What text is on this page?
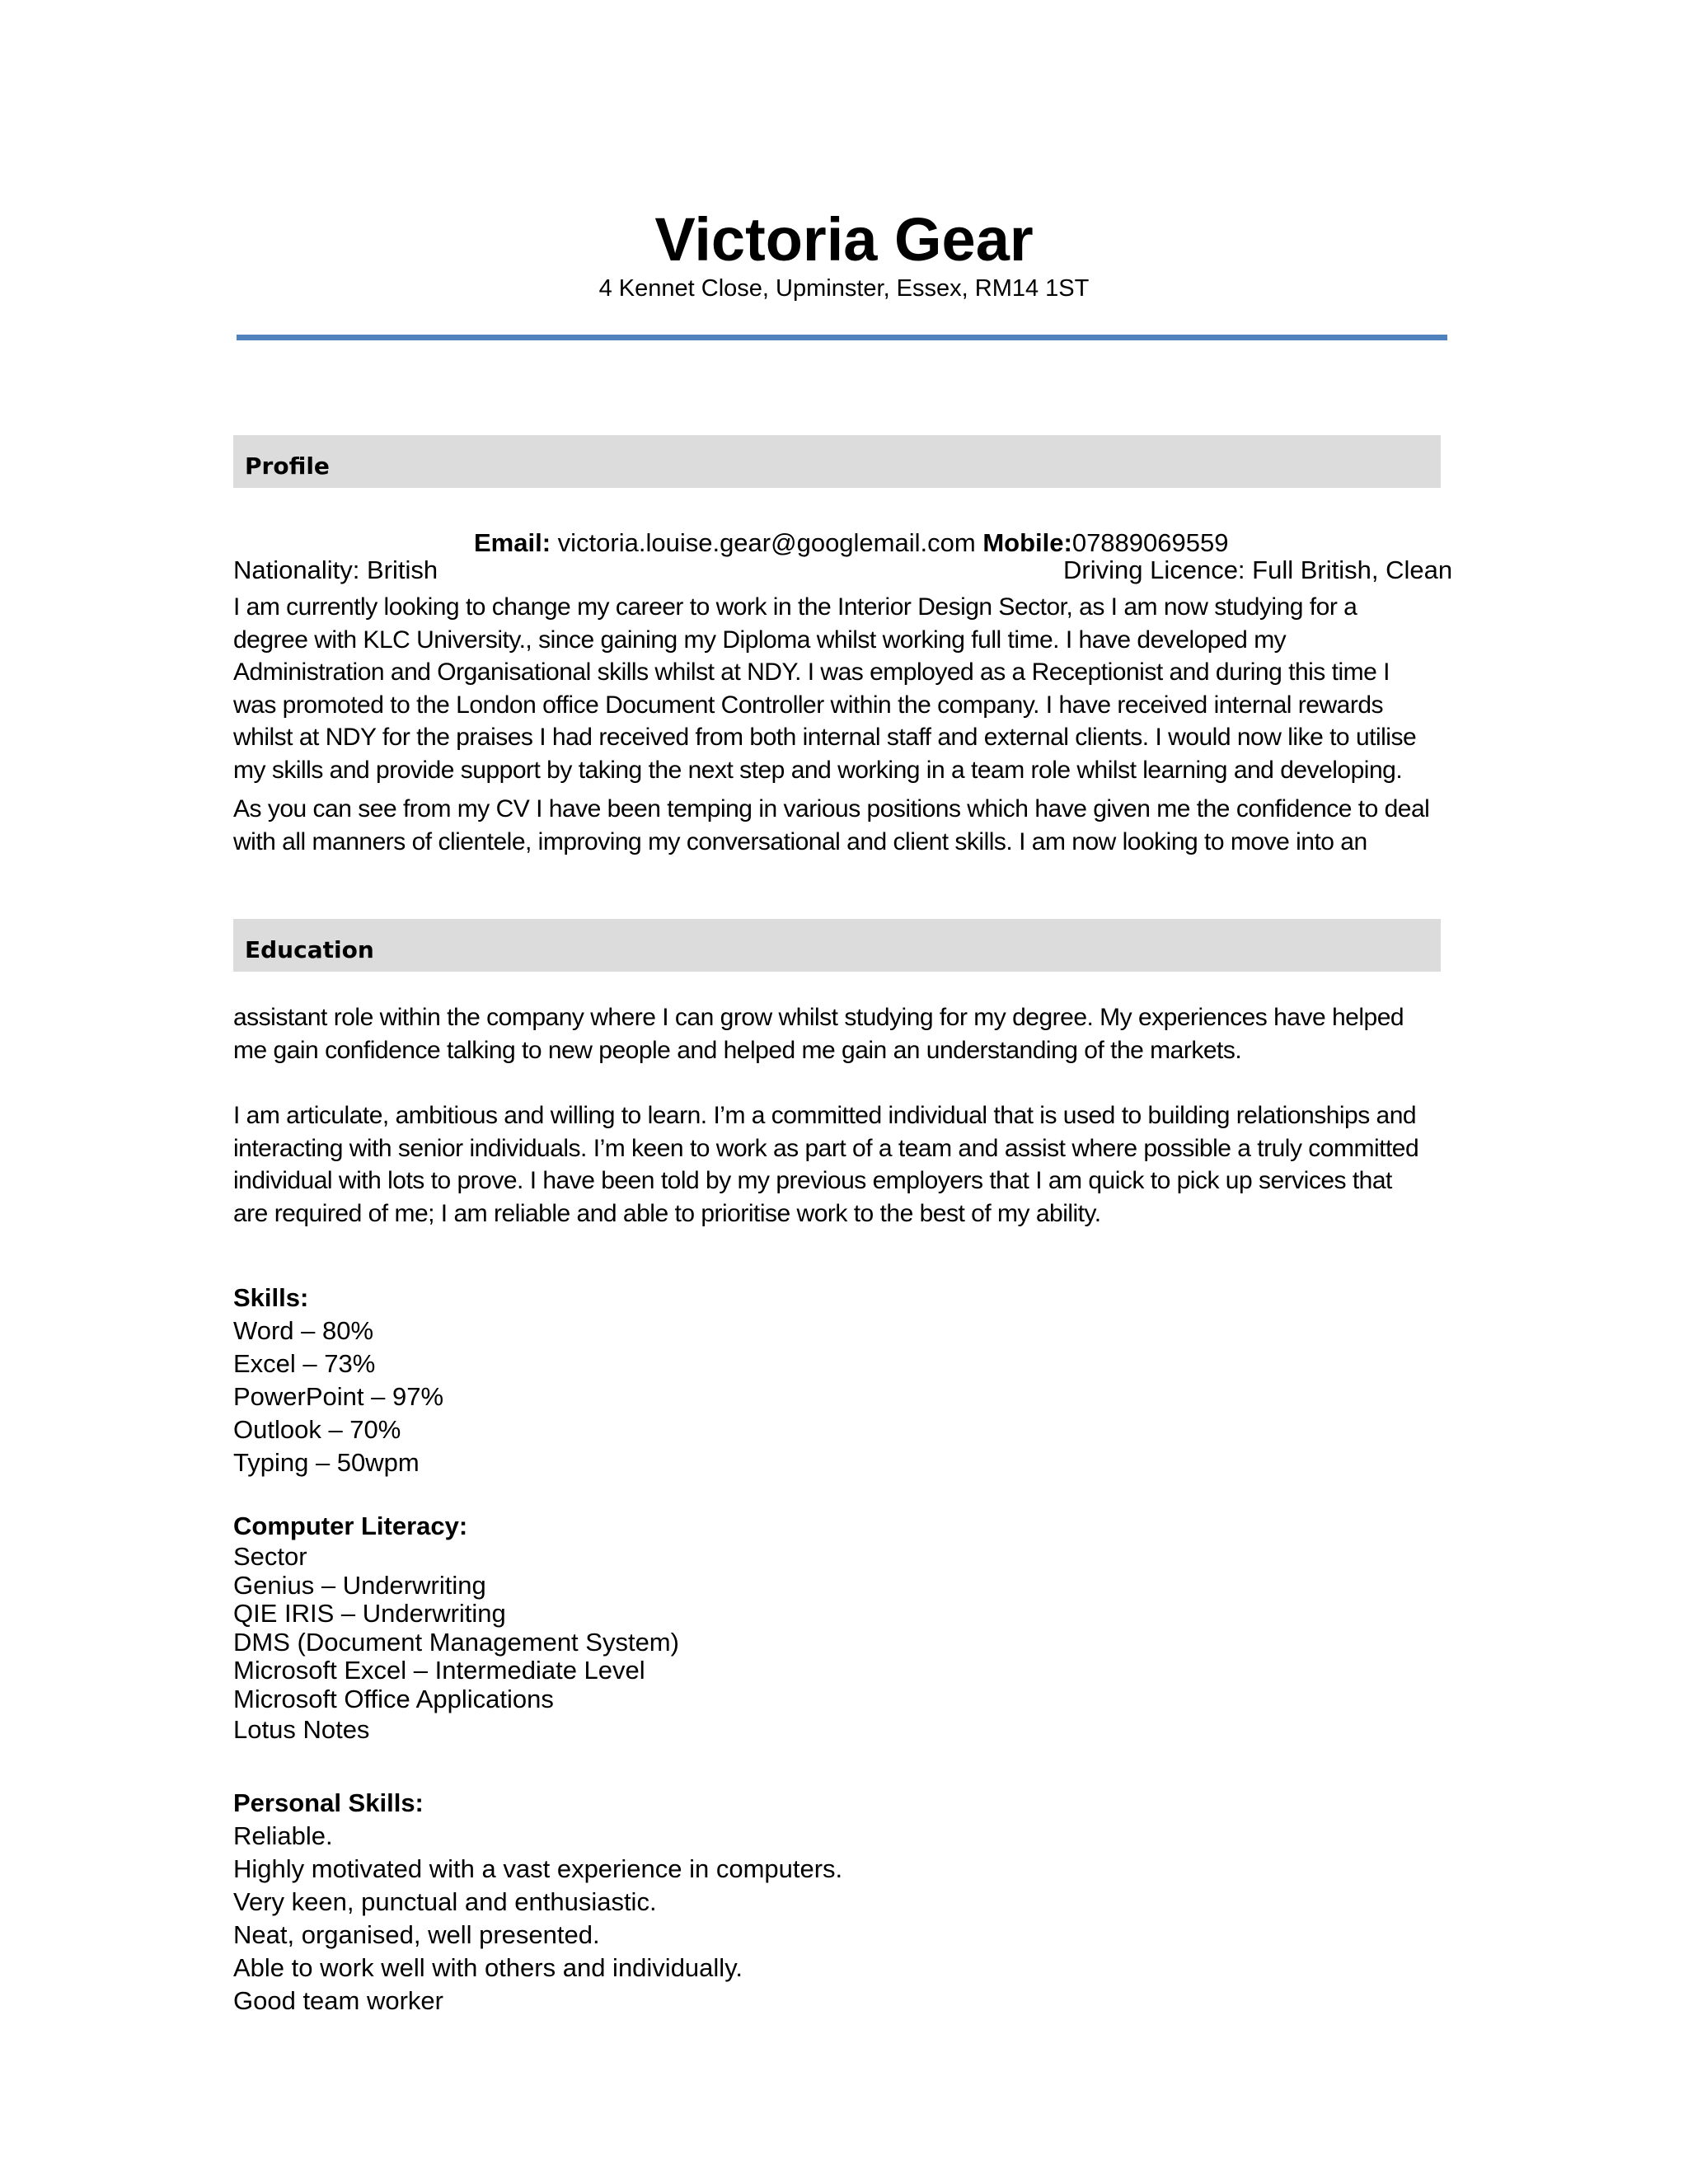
Victoria Gear
4 Kennet Close, Upminster, Essex, RM14 1ST
Profile
Email: victoria.louise.gear@googlemail.com Mobile:07889069559
Nationality: British	Driving Licence: Full British, Clean
I am currently looking to change my career to work in the Interior Design Sector, as I am now studying for a
degree with KLC University., since gaining my Diploma whilst working full time. I have developed my
Administration and Organisational skills whilst at NDY. I was employed as a Receptionist and during this time I
was promoted to the London office Document Controller within the company. I have received internal rewards
whilst at NDY for the praises I had received from both internal staff and external clients. I would now like to utilise
my skills and provide support by taking the next step and working in a team role whilst learning and developing.
As you can see from my CV I have been temping in various positions which have given me the confidence to deal
with all manners of clientele, improving my conversational and client skills. I am now looking to move into an
Education
assistant role within the company where I can grow whilst studying for my degree. My experiences have helped
me gain confidence talking to new people and helped me gain an understanding of the markets.
I am articulate, ambitious and willing to learn. I’m a committed individual that is used to building relationships and
interacting with senior individuals. I’m keen to work as part of a team and assist where possible a truly committed
individual with lots to prove. I have been told by my previous employers that I am quick to pick up services that
are required of me; I am reliable and able to prioritise work to the best of my ability.
Skills:
Word – 80%
Excel – 73%
PowerPoint – 97%
Outlook – 70%
Typing – 50wpm
Computer Literacy:
Sector
Genius – Underwriting
QIE IRIS – Underwriting
DMS (Document Management System)
Microsoft Excel – Intermediate Level
Microsoft Office Applications
Lotus Notes
Personal Skills:
Reliable.
Highly motivated with a vast experience in computers.
Very keen, punctual and enthusiastic.
Neat, organised, well presented.
Able to work well with others and individually.
Good team worker
